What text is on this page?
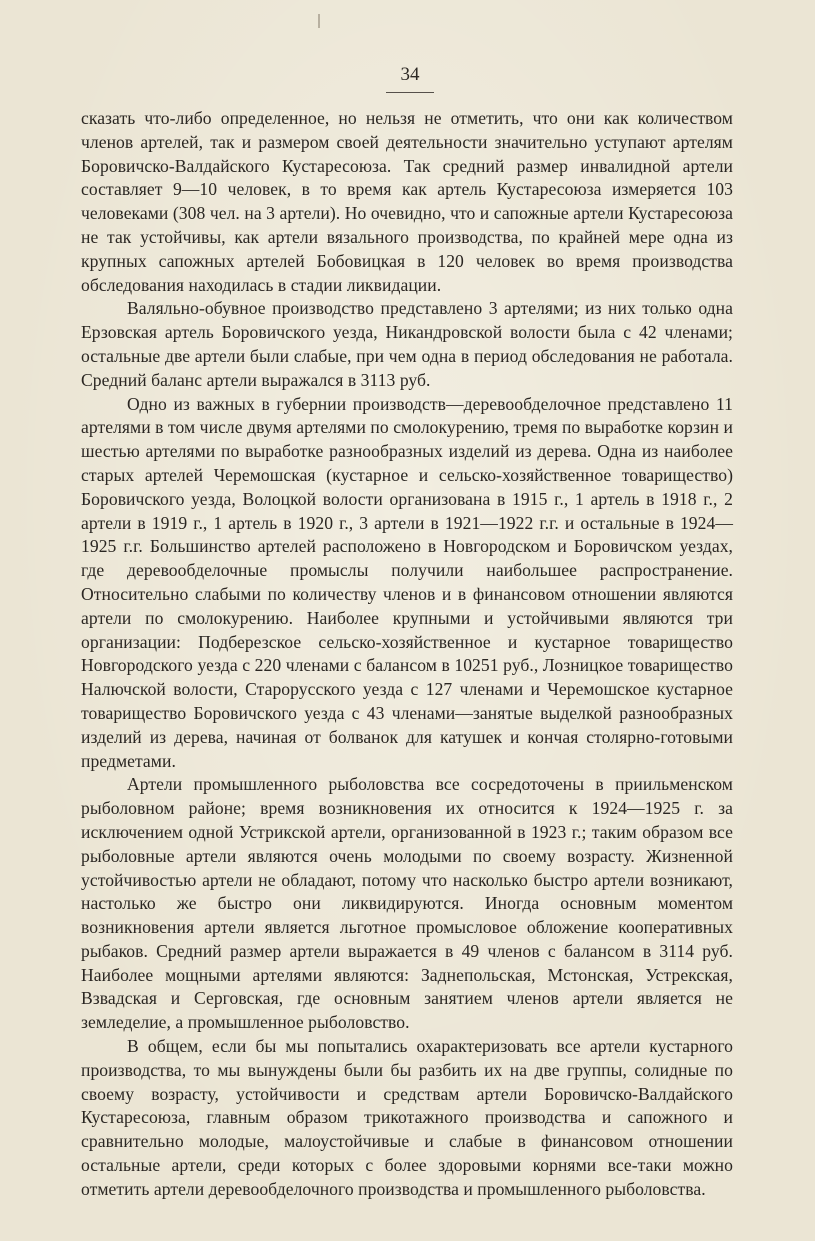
34

сказать что-либо определенное, но нельзя не отметить, что они как количеством членов артелей, так и размером своей деятельности значительно уступают артелям Боровичско-Валдайского Кустаресоюза. Так средний размер инвалидной артели составляет 9—10 человек, в то время как артель Кустаресоюза измеряется 103 человеками (308 чел. на 3 артели). Но очевидно, что и сапожные артели Кустаресоюза не так устойчивы, как артели вязального производства, по крайней мере одна из крупных сапожных артелей Бобовицкая в 120 человек во время производства обследования находилась в стадии ликвидации.

Валяльно-обувное производство представлено 3 артелями; из них только одна Ерзовская артель Боровичского уезда, Никандровской волости была с 42 членами; остальные две артели были слабые, при чем одна в период обследования не работала. Средний баланс артели выражался в 3113 руб.

Одно из важных в губернии производств—деревообделочное представлено 11 артелями в том числе двумя артелями по смолокурению, тремя по выработке корзин и шестью артелями по выработке разнообразных изделий из дерева. Одна из наиболее старых артелей Черемошская (кустарное и сельско-хозяйственное товарищество) Боровичского уезда, Волоцкой волости организована в 1915 г., 1 артель в 1918 г., 2 артели в 1919 г., 1 артель в 1920 г., 3 артели в 1921—1922 г.г. и остальные в 1924—1925 г.г. Большинство артелей расположено в Новгородском и Боровичском уездах, где деревообделочные промыслы получили наибольшее распространение. Относительно слабыми по количеству членов и в финансовом отношении являются артели по смолокурению. Наиболее крупными и устойчивыми являются три организации: Подберезское сельско-хозяйственное и кустарное товарищество Новгородского уезда с 220 членами с балансом в 10251 руб., Лозницкое товарищество Налючской волости, Старорусского уезда с 127 членами и Черемошское кустарное товарищество Боровичского уезда с 43 членами—занятые выделкой разнообразных изделий из дерева, начиная от болванок для катушек и кончая столярно-готовыми предметами.

Артели промышленного рыболовства все сосредоточены в приильменском рыболовном районе; время возникновения их относится к 1924—1925 г. за исключением одной Устрикской артели, организованной в 1923 г.; таким образом все рыболовные артели являются очень молодыми по своему возрасту. Жизненной устойчивостью артели не обладают, потому что насколько быстро артели возникают, настолько же быстро они ликвидируются. Иногда основным моментом возникновения артели является льготное промысловое обложение кооперативных рыбаков. Средний размер артели выражается в 49 членов с балансом в 3114 руб. Наиболее мощными артелями являются: Заднепольская, Мстонская, Устрекская, Взвадская и Серговская, где основным занятием членов артели является не земледелие, а промышленное рыболовство.

В общем, если бы мы попытались охарактеризовать все артели кустарного производства, то мы вынуждены были бы разбить их на две группы, солидные по своему возрасту, устойчивости и средствам артели Боровичско-Валдайского Кустаресоюза, главным образом трикотажного производства и сапожного и сравнительно молодые, малоустойчивые и слабые в финансовом отношении остальные артели, среди которых с более здоровыми корнями все-таки можно отметить артели деревообделочного производства и промышленного рыболовства.
